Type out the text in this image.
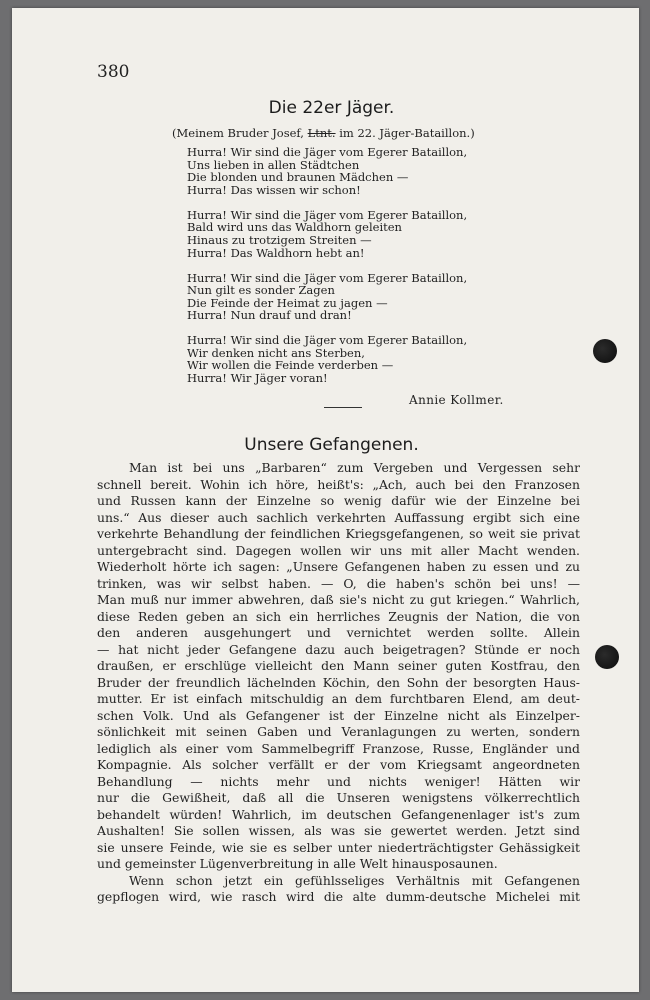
380
Die 22er Jäger.
(Meinem Bruder Josef, Ltnt. im 22. Jäger-Bataillon.)
Hurra! Wir sind die Jäger vom Egerer Bataillon,
Uns lieben in allen Städtchen
Die blonden und braunen Mädchen —
Hurra! Das wissen wir schon!
Hurra! Wir sind die Jäger vom Egerer Bataillon,
Bald wird uns das Waldhorn geleiten
Hinaus zu trotzigem Streiten —
Hurra! Das Waldhorn hebt an!
Hurra! Wir sind die Jäger vom Egerer Bataillon,
Nun gilt es sonder Zagen
Die Feinde der Heimat zu jagen —
Hurra! Nun drauf und dran!
Hurra! Wir sind die Jäger vom Egerer Bataillon,
Wir denken nicht ans Sterben,
Wir wollen die Feinde verderben —
Hurra! Wir Jäger voran!
Annie Kollmer.
Unsere Gefangenen.
Man ist bei uns „Barbaren“ zum Vergeben und Vergessen sehr
schnell bereit. Wohin ich höre, heißt's: „Ach, auch bei den Franzosen
und Russen kann der Einzelne so wenig dafür wie der Einzelne bei
uns.“ Aus dieser auch sachlich verkehrten Auffassung ergibt sich eine
verkehrte Behandlung der feindlichen Kriegsgefangenen, so weit sie privat
untergebracht sind. Dagegen wollen wir uns mit aller Macht wenden.
Wiederholt hörte ich sagen: „Unsere Gefangenen haben zu essen und zu
trinken, was wir selbst haben. — O, die haben's schön bei uns! —
Man muß nur immer abwehren, daß sie's nicht zu gut kriegen.“ Wahrlich,
diese Reden geben an sich ein herrliches Zeugnis der Nation, die von
den anderen ausgehungert und vernichtet werden sollte. Allein
— hat nicht jeder Gefangene dazu auch beigetragen? Stünde er noch
draußen, er erschlüge vielleicht den Mann seiner guten Kostfrau, den
Bruder der freundlich lächelnden Köchin, den Sohn der besorgten Haus-
mutter. Er ist einfach mitschuldig an dem furchtbaren Elend, am deut-
schen Volk. Und als Gefangener ist der Einzelne nicht als Einzelper-
sönlichkeit mit seinen Gaben und Veranlagungen zu werten, sondern
lediglich als einer vom Sammelbegriff Franzose, Russe, Engländer und
Kompagnie. Als solcher verfällt er der vom Kriegsamt angeordneten
Behandlung — nichts mehr und nichts weniger! Hätten wir
nur die Gewißheit, daß all die Unseren wenigstens völkerrechtlich
behandelt würden! Wahrlich, im deutschen Gefangenenlager ist's zum
Aushalten! Sie sollen wissen, als was sie gewertet werden. Jetzt sind
sie unsere Feinde, wie sie es selber unter niederträchtigster Gehässigkeit
und gemeinster Lügenverbreitung in alle Welt hinausposaunen.
Wenn schon jetzt ein gefühlsseliges Verhältnis mit Gefangenen
gepflogen wird, wie rasch wird die alte dumm-deutsche Michelei mit
